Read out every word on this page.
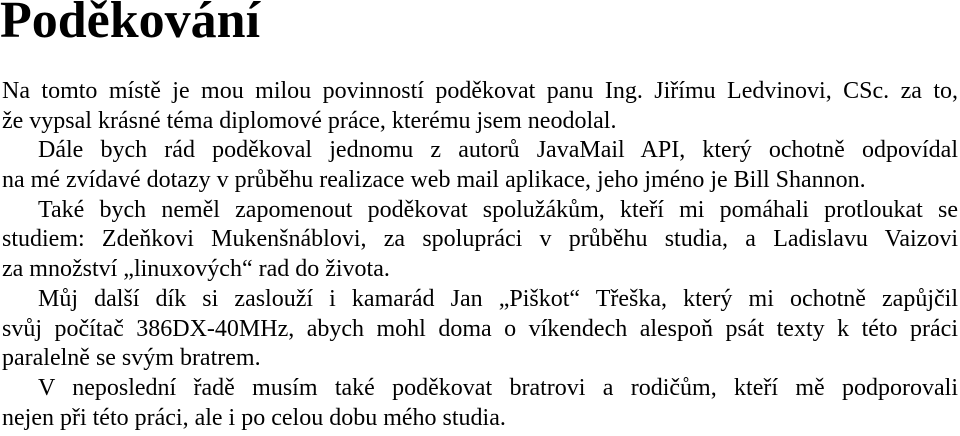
Poděkování
Na tomto místě je mou milou povinností poděkovat panu Ing. Jiřímu Ledvinovi, CSc. za to,
že vypsal krásné téma diplomové práce, kterému jsem neodolal.
Dále bych rád poděkoval jednomu z autorů JavaMail API, který ochotně odpovídal
na mé zvídavé dotazy v průběhu realizace web mail aplikace, jeho jméno je Bill Shannon.
Také bych neměl zapomenout poděkovat spolužákům, kteří mi pomáhali protloukat se
studiem: Zdeňkovi Mukenšnáblovi, za spolupráci v průběhu studia, a Ladislavu Vaizovi
za množství „linuxových“ rad do života.
Můj další dík si zaslouží i kamarád Jan „Piškot“ Třeška, který mi ochotně zapůjčil
svůj počítač 386DX-40MHz, abych mohl doma o víkendech alespoň psát texty k této práci
paralelně se svým bratrem.
V neposlední řadě musím také poděkovat bratrovi a rodičům, kteří mě podporovali
nejen při této práci, ale i po celou dobu mého studia.
